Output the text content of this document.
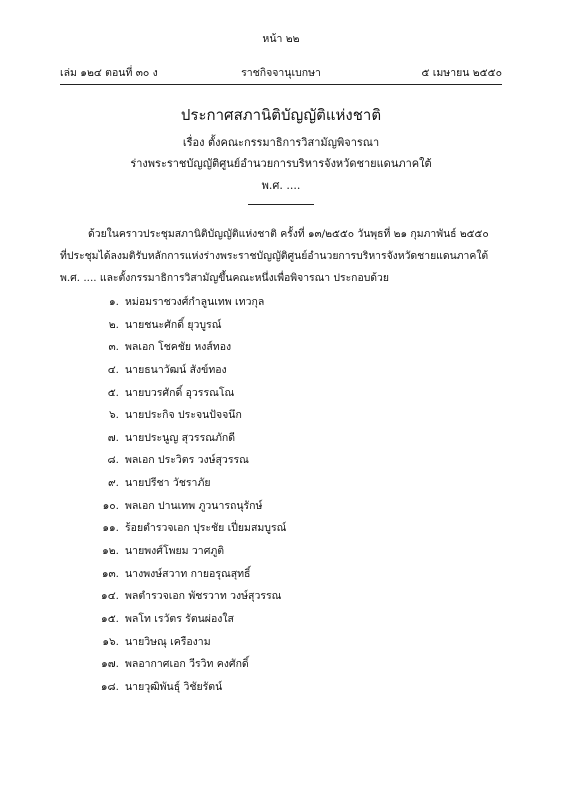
หน้า ๒๒
เล่ม ๑๒๔ ตอนที่ ๓๐ ง	ราชกิจจานุเบกษา	๕ เมษายน ๒๕๕๐
ประกาศสภานิติบัญญัติแห่งชาติ
เรื่อง ตั้งคณะกรรมาธิการวิสามัญพิจารณา
ร่างพระราชบัญญัติศูนย์อำนวยการบริหารจังหวัดชายแดนภาคใต้
พ.ศ. ....
ด้วยในคราวประชุมสภานิติบัญญัติแห่งชาติ ครั้งที่ ๑๓/๒๕๕๐ วันพุธที่ ๒๑ กุมภาพันธ์ ๒๕๕๐
ที่ประชุมได้ลงมติรับหลักการแห่งร่างพระราชบัญญัติศูนย์อำนวยการบริหารจังหวัดชายแดนภาคใต้
พ.ศ. .... และตั้งกรรมาธิการวิสามัญขึ้นคณะหนึ่งเพื่อพิจารณา ประกอบด้วย
๑. หม่อมราชวงศ์กำลูนเทพ เทวกุล
๒. นายชนะศักดิ์ ยุวบูรณ์
๓. พลเอก โชคชัย หงส์ทอง
๔. นายธนาวัฒน์ สังข์ทอง
๕. นายบวรศักดิ์ อุวรรณโณ
๖. นายประกิจ ประจนปัจจนึก
๗. นายประนูญ สุวรรณภักดี
๘. พลเอก ประวิตร วงษ์สุวรรณ
๙. นายปรีชา วัชราภัย
๑๐. พลเอก ปานเทพ ภูวนารถนุรักษ์
๑๑. ร้อยตำรวจเอก ปุระชัย เปี่ยมสมบูรณ์
๑๒. นายพงศ์โพยม วาศภูติ
๑๓. นางพงษ์สวาท กายอรุณสุทธิ์
๑๔. พลตำรวจเอก พัชรวาท วงษ์สุวรรณ
๑๕. พลโท เรวัตร รัตนผ่องใส
๑๖. นายวิษณุ เครืองาม
๑๗. พลอากาศเอก วีรวิท คงศักดิ์
๑๘. นายวุฒิพันธุ์ วิชัยรัตน์
